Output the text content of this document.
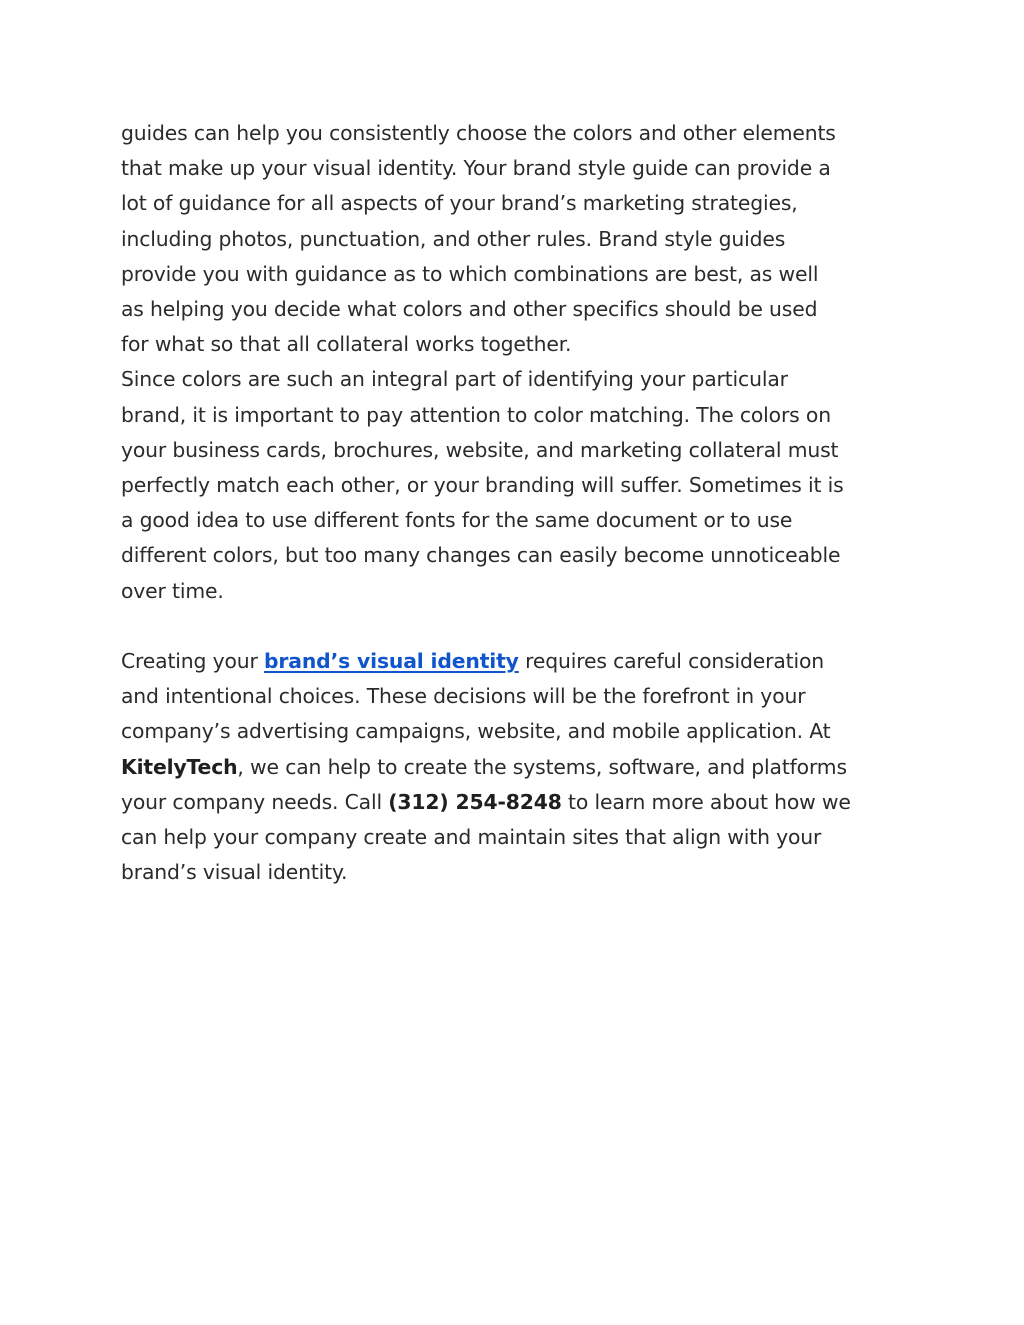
guides can help you consistently choose the colors and other elements
that make up your visual identity. Your brand style guide can provide a
lot of guidance for all aspects of your brand’s marketing strategies,
including photos, punctuation, and other rules. Brand style guides
provide you with guidance as to which combinations are best, as well
as helping you decide what colors and other specifics should be used
for what so that all collateral works together.

Since colors are such an integral part of identifying your particular
brand, it is important to pay attention to color matching. The colors on
your business cards, brochures, website, and marketing collateral must
perfectly match each other, or your branding will suffer. Sometimes it is
a good idea to use different fonts for the same document or to use
different colors, but too many changes can easily become unnoticeable
over time.

Creating your brand’s visual identity requires careful consideration
and intentional choices. These decisions will be the forefront in your
company’s advertising campaigns, website, and mobile application. At
KitelyTech, we can help to create the systems, software, and platforms
your company needs. Call (312) 254-8248 to learn more about how we
can help your company create and maintain sites that align with your
brand’s visual identity.
